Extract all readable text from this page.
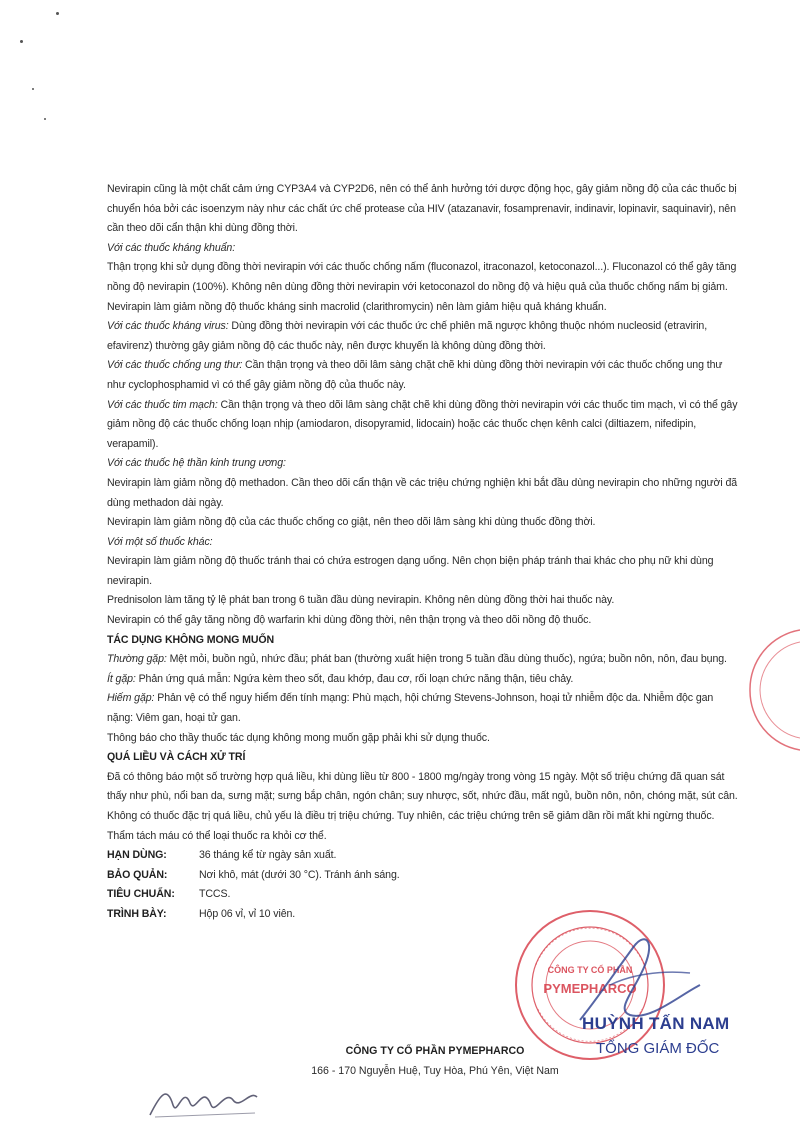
Nevirapin cũng là một chất cảm ứng CYP3A4 và CYP2D6, nên có thể ảnh hưởng tới dược động học, gây giảm nồng độ của các thuốc bị chuyển hóa bởi các isoenzym này như các chất ức chế protease của HIV (atazanavir, fosamprenavir, indinavir, lopinavir, saquinavir), nên cần theo dõi cẩn thận khi dùng đồng thời.

Với các thuốc kháng khuẩn:

Thận trọng khi sử dụng đồng thời nevirapin với các thuốc chống nấm (fluconazol, itraconazol, ketoconazol...). Fluconazol có thể gây tăng nồng độ nevirapin (100%). Không nên dùng đồng thời nevirapin với ketoconazol do nồng độ và hiệu quả của thuốc chống nấm bị giảm.

Nevirapin làm giảm nồng độ thuốc kháng sinh macrolid (clarithromycin) nên làm giảm hiệu quả kháng khuẩn.

Với các thuốc kháng virus: Dùng đồng thời nevirapin với các thuốc ức chế phiên mã ngược không thuộc nhóm nucleosid (etravirin, efavirenz) thường gây giảm nồng độ các thuốc này, nên được khuyến là không dùng đồng thời.

Với các thuốc chống ung thư: Cần thận trọng và theo dõi lâm sàng chặt chẽ khi dùng đồng thời nevirapin với các thuốc chống ung thư như cyclophosphamid vì có thể gây giảm nồng độ của thuốc này.

Với các thuốc tim mạch: Cần thận trọng và theo dõi lâm sàng chặt chẽ khi dùng đồng thời nevirapin với các thuốc tim mạch, vì có thể gây giảm nồng độ các thuốc chống loạn nhịp (amiodaron, disopyramid, lidocain) hoặc các thuốc chẹn kênh calci (diltiazem, nifedipin, verapamil).

Với các thuốc hệ thần kinh trung ương:

Nevirapin làm giảm nồng độ methadon. Cần theo dõi cẩn thận về các triệu chứng nghiện khi bắt đầu dùng nevirapin cho những người đã dùng methadon dài ngày.

Nevirapin làm giảm nồng độ của các thuốc chống co giật, nên theo dõi lâm sàng khi dùng thuốc đồng thời.

Với một số thuốc khác:

Nevirapin làm giảm nồng độ thuốc tránh thai có chứa estrogen dạng uống. Nên chọn biện pháp tránh thai khác cho phụ nữ khi dùng nevirapin.

Prednisolon làm tăng tỷ lệ phát ban trong 6 tuần đầu dùng nevirapin. Không nên dùng đồng thời hai thuốc này.

Nevirapin có thể gây tăng nồng độ warfarin khi dùng đồng thời, nên thận trọng và theo dõi nồng độ thuốc.

TÁC DỤNG KHÔNG MONG MUỐN

Thường gặp: Mệt mỏi, buồn ngủ, nhức đầu; phát ban (thường xuất hiện trong 5 tuần đầu dùng thuốc), ngứa; buồn nôn, nôn, đau bụng.

Ít gặp: Phản ứng quá mẫn: Ngứa kèm theo sốt, đau khớp, đau cơ, rối loạn chức năng thận, tiêu chảy.

Hiếm gặp: Phản vệ có thể nguy hiểm đến tính mạng: Phù mạch, hội chứng Stevens-Johnson, hoại tử nhiễm độc da. Nhiễm độc gan nặng: Viêm gan, hoại tử gan.

Thông báo cho thầy thuốc tác dụng không mong muốn gặp phải khi sử dụng thuốc.

QUÁ LIỀU VÀ CÁCH XỬ TRÍ

Đã có thông báo một số trường hợp quá liều, khi dùng liều từ 800 - 1800 mg/ngày trong vòng 15 ngày. Một số triệu chứng đã quan sát thấy như phù, nổi ban da, sưng mặt; sưng bắp chân, ngón chân; suy nhược, sốt, nhức đầu, mất ngủ, buồn nôn, nôn, chóng mặt, sút cân. Không có thuốc đặc trị quá liều, chủ yếu là điều trị triệu chứng. Tuy nhiên, các triệu chứng trên sẽ giảm dần rồi mất khi ngừng thuốc. Thẩm tách máu có thể loại thuốc ra khỏi cơ thể.

HẠN DÙNG:	36 tháng kể từ ngày sản xuất.
BẢO QUẢN:	Nơi khô, mát (dưới 30 °C). Tránh ánh sáng.
TIÊU CHUẨN:	TCCS.
TRÌNH BÀY:	Hộp 06 vỉ, vỉ 10 viên.
CÔNG TY CỔ PHẦN
PYMEPHARCO
HUỲNH TẤN NAM
TỔNG GIÁM ĐỐC
CÔNG TY CỔ PHẦN PYMEPHARCO
166 - 170 Nguyễn Huệ, Tuy Hòa, Phú Yên, Việt Nam
